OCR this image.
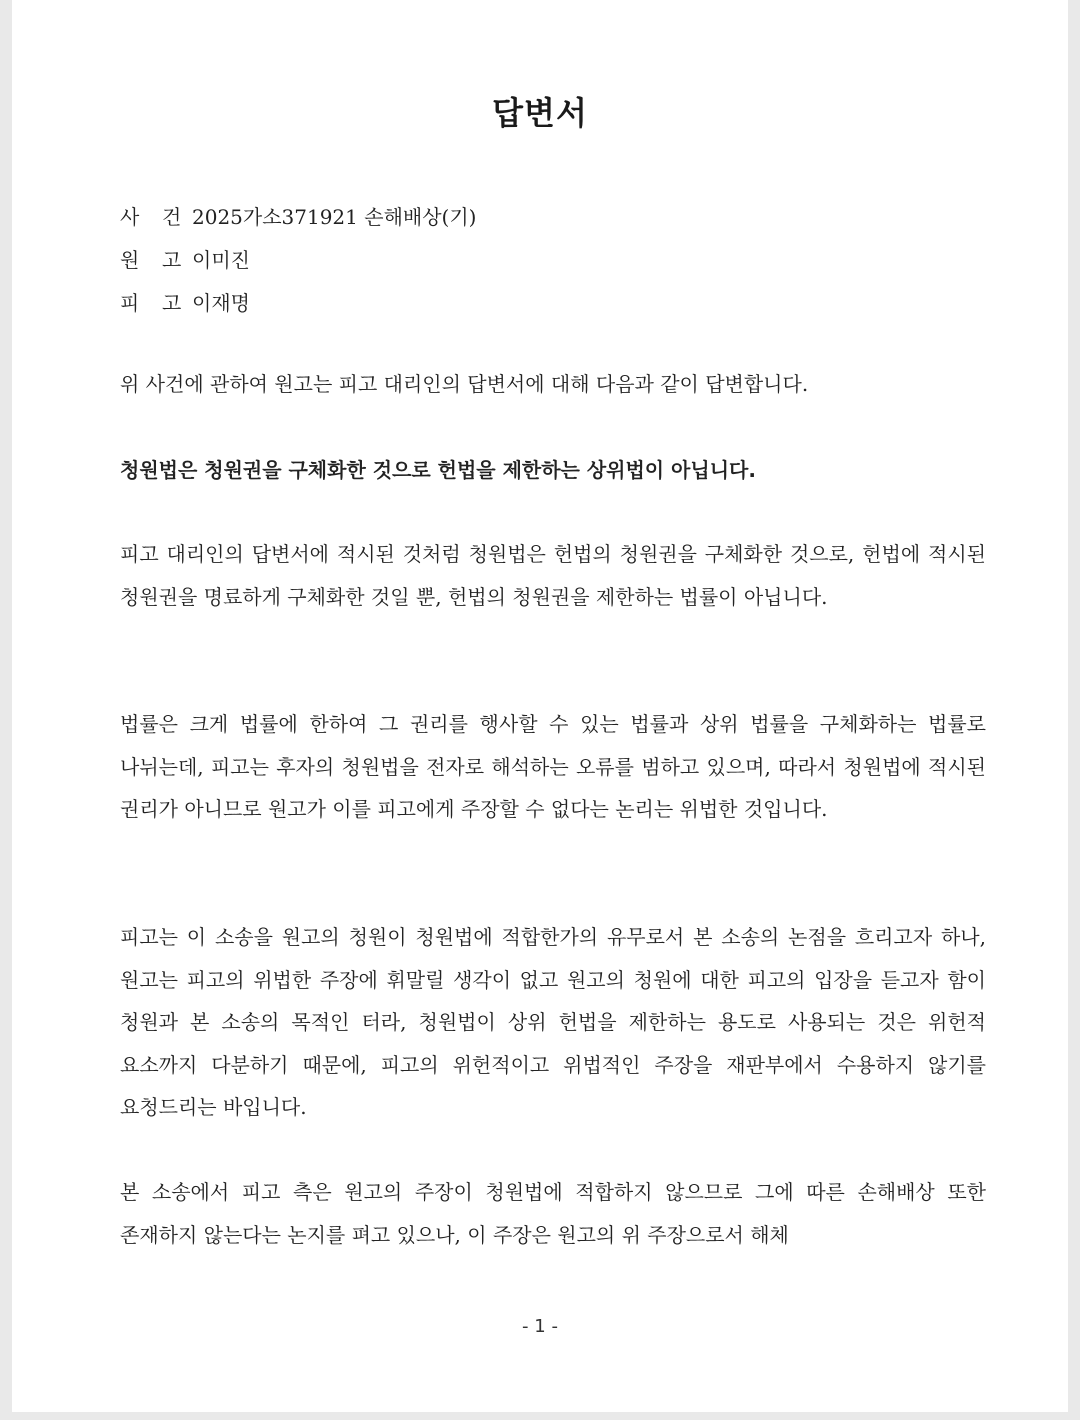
답변서
사 건 2025가소371921 손해배상(기)
원 고 이미진
피 고 이재명
위 사건에 관하여 원고는 피고 대리인의 답변서에 대해 다음과 같이 답변합니다.
청원법은 청원권을 구체화한 것으로 헌법을 제한하는 상위법이 아닙니다.
피고 대리인의 답변서에 적시된 것처럼 청원법은 헌법의 청원권을 구체화한 것으로, 헌법에 적시된 청원권을 명료하게 구체화한 것일 뿐, 헌법의 청원권을 제한하는 법률이 아닙니다.
법률은 크게 법률에 한하여 그 권리를 행사할 수 있는 법률과 상위 법률을 구체화하는 법률로 나뉘는데, 피고는 후자의 청원법을 전자로 해석하는 오류를 범하고 있으며, 따라서 청원법에 적시된 권리가 아니므로 원고가 이를 피고에게 주장할 수 없다는 논리는 위법한 것입니다.
피고는 이 소송을 원고의 청원이 청원법에 적합한가의 유무로서 본 소송의 논점을 흐리고자 하나, 원고는 피고의 위법한 주장에 휘말릴 생각이 없고 원고의 청원에 대한 피고의 입장을 듣고자 함이 청원과 본 소송의 목적인 터라, 청원법이 상위 헌법을 제한하는 용도로 사용되는 것은 위헌적 요소까지 다분하기 때문에, 피고의 위헌적이고 위법적인 주장을 재판부에서 수용하지 않기를 요청드리는 바입니다.
본 소송에서 피고 측은 원고의 주장이 청원법에 적합하지 않으므로 그에 따른 손해배상 또한 존재하지 않는다는 논지를 펴고 있으나, 이 주장은 원고의 위 주장으로서 해체
- 1 -
